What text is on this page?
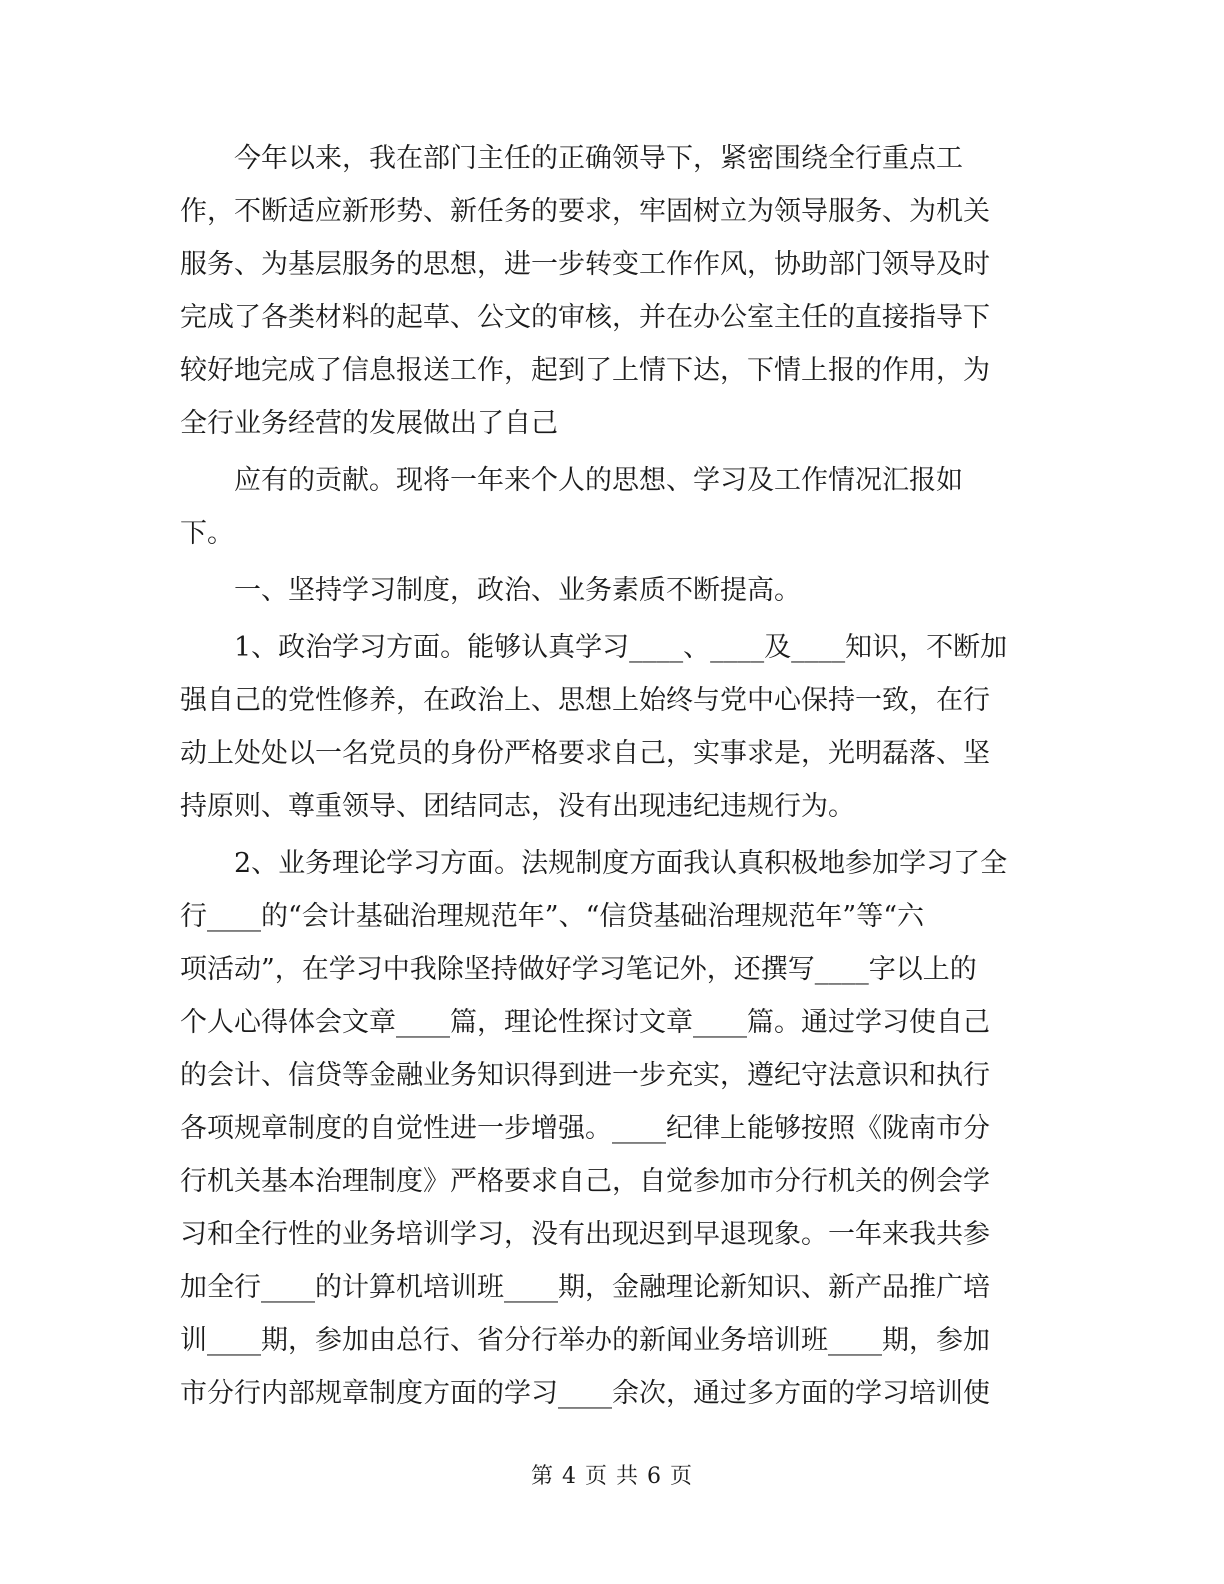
　　今年以来，我在部门主任的正确领导下，紧密围绕全行重点工
作，不断适应新形势、新任务的要求，牢固树立为领导服务、为机关
服务、为基层服务的思想，进一步转变工作作风，协助部门领导及时
完成了各类材料的起草、公文的审核，并在办公室主任的直接指导下
较好地完成了信息报送工作，起到了上情下达，下情上报的作用，为
全行业务经营的发展做出了自己
　　应有的贡献。现将一年来个人的思想、学习及工作情况汇报如
下。
　　一、坚持学习制度，政治、业务素质不断提高。
　　1、政治学习方面。能够认真学习____、____及____知识，不断加
强自己的党性修养，在政治上、思想上始终与党中心保持一致，在行
动上处处以一名党员的身份严格要求自己，实事求是，光明磊落、坚
持原则、尊重领导、团结同志，没有出现违纪违规行为。
　　2、业务理论学习方面。法规制度方面我认真积极地参加学习了全
行____的“会计基础治理规范年”、“信贷基础治理规范年”等“六
项活动”，在学习中我除坚持做好学习笔记外，还撰写____字以上的
个人心得体会文章____篇，理论性探讨文章____篇。通过学习使自己
的会计、信贷等金融业务知识得到进一步充实，遵纪守法意识和执行
各项规章制度的自觉性进一步增强。____纪律上能够按照《陇南市分
行机关基本治理制度》严格要求自己，自觉参加市分行机关的例会学
习和全行性的业务培训学习，没有出现迟到早退现象。一年来我共参
加全行____的计算机培训班____期，金融理论新知识、新产品推广培
训____期，参加由总行、省分行举办的新闻业务培训班____期，参加
市分行内部规章制度方面的学习____余次，通过多方面的学习培训使
第 4 页 共 6 页
